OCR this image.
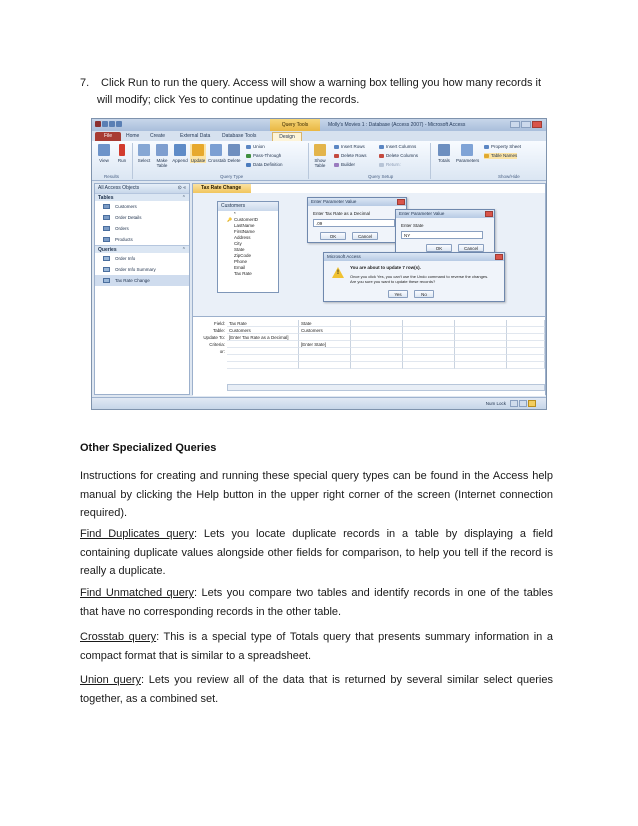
7. Click Run to run the query. Access will show a warning box telling you how many records it
will modify; click Yes to continue updating the records.
Query Tools	Molly's Movies 1 : Database (Access 2007) - Microsoft Access
File	Home Create	External Data Database Tools	Design
View	Run
Results
Select	Make Table
Append Update Crosstab Delete
Union
Pass-Through
Data Definition
Query Type
Show Table
Insert Rows
Delete Rows
Builder
Insert Columns
Delete Columns
Return:
Query Setup
Totals	Parameters
Property Sheet
Table Names
Show/Hide
All Access Objects	⊙ «
Tables	⌃
Customers
Order Details
Orders
Products
Queries	⌃
Order Info
Order Info Summary
Tax Rate Change
Tax Rate Change
Customers
*
🔑 CustomerID
LastName
FirstName
Address
City
State
ZipCode
Phone
Email
Tax Rate
Enter Parameter Value
Enter Tax Rate as a Decimal
.09
OK	Cancel
Enter Parameter Value
Enter State
NY
OK	Cancel
Microsoft Access
!
You are about to update 7 row(s).
Once you click Yes, you can't use the Undo command to reverse the changes.
Are you sure you want to update these records?
Yes	No
Field: Tax Rate	State
Table: Customers	Customers
Update To: [Enter Tax Rate as a Decimal]
Criteria:	[Enter State]
or:
Num Lock
Other Specialized Queries

Instructions for creating and running these special query types can be found in the Access help manual by clicking the Help button in the upper right corner of the screen (Internet connection required).

Find Duplicates query: Lets you locate duplicate records in a table by displaying a field containing duplicate values alongside other fields for comparison, to help you tell if the record is really a duplicate.

Find Unmatched query: Lets you compare two tables and identify records in one of the tables that have no corresponding records in the other table.

Crosstab query: This is a special type of Totals query that presents summary information in a compact format that is similar to a spreadsheet.

Union query: Lets you review all of the data that is returned by several similar select queries together, as a combined set.
